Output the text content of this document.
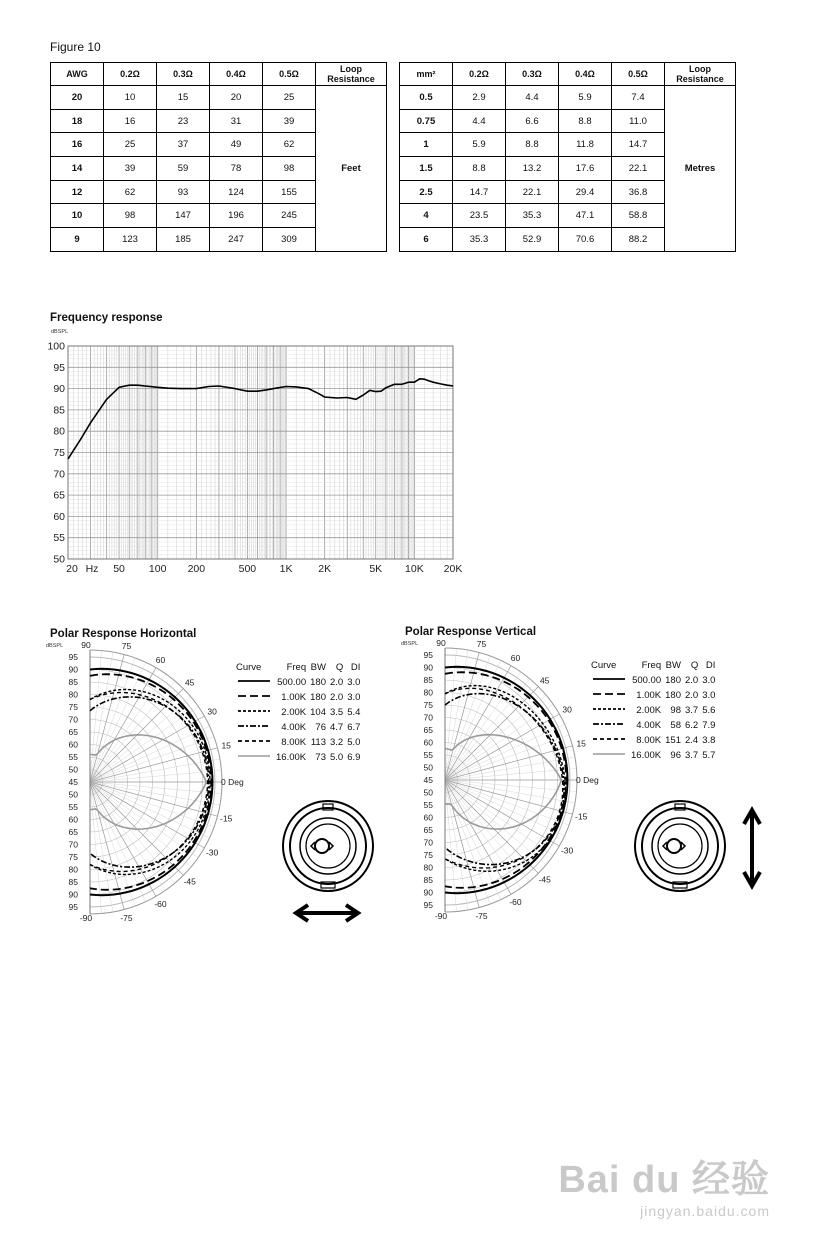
Figure 10
AWG	0.2Ω	0.3Ω	0.4Ω	0.5Ω	Loop Resistance
20	10	15	20	25	Feet
18	16	23	31	39	
16	25	37	49	62	
14	39	59	78	98	
12	62	93	124	155	
10	98	147	196	245	
9	123	185	247	309	
mm²	0.2Ω	0.3Ω	0.4Ω	0.5Ω	Loop Resistance
0.5	2.9	4.4	5.9	7.4	Metres
0.75	4.4	6.6	8.8	11.0	
1	5.9	8.8	11.8	14.7	
1.5	8.8	13.2	17.6	22.1	
2.5	14.7	22.1	29.4	36.8	
4	23.5	35.3	47.1	58.8	
6	35.3	52.9	70.6	88.2	
Frequency response
dBSPL
100
95
90
85
80
75
70
65
60
55
50
20 Hz 50 100 200	500 1K 2K	5K 10K 20K
Polar Response Horizontal
95
90
85
80
75
70
65
60
55
50
45
50
55
60
65
70
75
80
85
90
95
dBSPL 90	75
60
45
30
15
0 Deg
-15
-30
-45
-60
-75
-90
Curve	Freq	BW	Q	DI
	500.00	180	2.0	3.0
	1.00K	180	2.0	3.0
	2.00K	104	3.5	5.4
	4.00K	76	4.7	6.7
	8.00K	113	3.2	5.0
	16.00K	73	5.0	6.9
Polar Response Vertical
95
90
85
80
75
70
65
60
55
50
45
50
55
60
65
70
75
80
85
90
95
dBSPL 90	75
60
45
30
15
0 Deg
-15
-30
-45
-60
-75
-90
Curve	Freq	BW	Q	DI
	500.00	180	2.0	3.0
	1.00K	180	2.0	3.0
	2.00K	98	3.7	5.6
	4.00K	58	6.2	7.9
	8.00K	151	2.4	3.8
	16.00K	96	3.7	5.7
Bai du 经验
jingyan.baidu.com
